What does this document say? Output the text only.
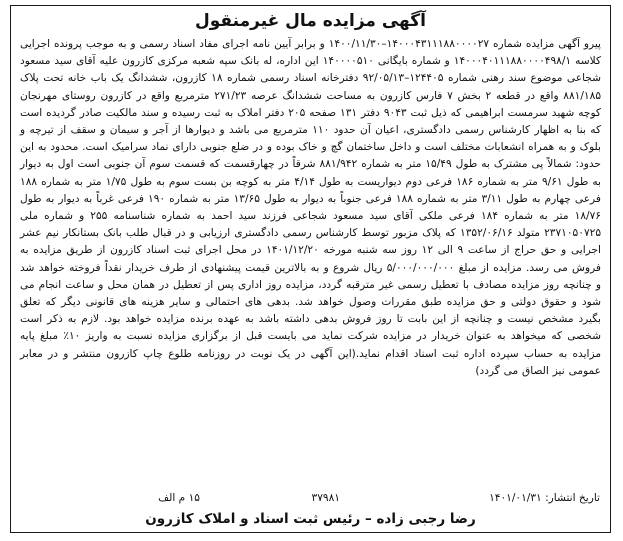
آگهی مزایده مال غیرمنقول
پیرو آگهی مزایده شماره ۱۴۰۰۰۴۳۱۱۱۸۸۰۰۰۰۲۷–۱۴۰۰/۱۱/۳۰ و برابر آیین نامه اجرای مفاد اسناد رسمی و به موجب پرونده اجرایی کلاسه ۱۴۰۰۰۴۰۱۱۱۸۸۰۰۰۰۴۹۸/۱ و شماره بایگانی ۱۴۰۰۰۰۵۱۰ این اداره، له بانک سپه شعبه مرکزی کازرون علیه آقای سید مسعود شجاعی موضوع سند رهنی شماره ۱۲۴۴۰۵–۹۲/۰۵/۱۳ دفترخانه اسناد رسمی شماره ۱۸ کازرون، ششدانگ یک باب خانه تحت پلاک ۸۸۱/۱۸۵ واقع در قطعه ۲ بخش ۷ فارس کازرون به مساحت ششدانگ عرصه ۲۷۱/۲۳ مترمربع واقع در کازرون روستای مهرنجان کوچه شهید سرمست ابراهیمی که ذیل ثبت ۹۰۴۳ دفتر ۱۳۱ صفحه ۲۰۵ دفتر املاک به ثبت رسیده و سند مالکیت صادر گردیده است که بنا به اظهار کارشناس رسمی دادگستری، اعیان آن حدود ۱۱۰ مترمربع می باشد و دیوارها از آجر و سیمان و سقف از تیرچه و بلوک و به همراه انشعابات مختلف است و داخل ساختمان گچ و خاک بوده و در ضلع جنوبی دارای نماد سرامیک است. محدود به این حدود: شمالاً پی مشترک به طول ۱۵/۴۹ متر به شماره ۸۸۱/۹۴۲ شرقاً در چهارقسمت که قسمت سوم آن جنوبی است اول به دیوار به طول ۹/۶۱ متر به شماره ۱۸۶ فرعی دوم دیواریست به طول ۴/۱۴ متر به کوچه بن بست سوم به طول ۱/۷۵ متر به شماره ۱۸۸ فرعی چهارم به طول ۳/۱۱ متر به شماره ۱۸۸ فرعی جنوباً به دیوار به طول ۱۳/۶۵ متر به شماره ۱۹۰ فرعی غرباً به دیوار به طول ۱۸/۷۶ متر به شماره ۱۸۴ فرعی ملکی آقای سید مسعود شجاعی فرزند سید احمد به شماره شناسنامه ۲۵۵ و شماره ملی ۲۳۷۱۰۵۰۷۲۵ متولد ۱۳۵۲/۰۶/۱۶ که پلاک مزبور توسط کارشناس رسمی دادگستری ارزیابی و در قبال طلب بانک بستانکار نیم عشر اجرایی و حق حراج از ساعت ۹ الی ۱۲ روز سه شنبه مورخه ۱۴۰۱/۱۲/۲۰ در محل اجرای ثبت اسناد کازرون از طریق مزایده به فروش می رسد. مزایده از مبلغ ۵/۰۰۰/۰۰۰/۰۰۰ ریال شروع و به بالاترین قیمت پیشنهادی از طرف خریدار نقداً فروخته خواهد شد و چنانچه روز مزایده مصادف با تعطیل رسمی غیر مترقبه گردد، مزایده روز اداری پس از تعطیل در همان محل و ساعت انجام می شود و حقوق دولتی و حق مزایده طبق مقررات وصول خواهد شد. بدهی های احتمالی و سایر هزینه های قانونی دیگر که تعلق بگیرد مشخص نیست و چنانچه از این بابت تا روز فروش بدهی داشته باشد به عهده برنده مزایده خواهد بود. لازم به ذکر است شخصی که میخواهد به عنوان خریدار در مزایده شرکت نماید می بایست قبل از برگزاری مزایده نسبت به واریز ۱۰٪ مبلغ پایه مزایده به حساب سپرده اداره ثبت اسناد اقدام نماید.(این آگهی در یک نوبت در روزنامه طلوع چاپ کازرون منتشر و در معابر عمومی نیز الصاق می گردد)
تاریخ انتشار: ۱۴۰۱/۰۱/۳۱
۳۷۹۸۱
۱۵ م الف
رضا رجبی زاده – رئیس ثبت اسناد و املاک کازرون
